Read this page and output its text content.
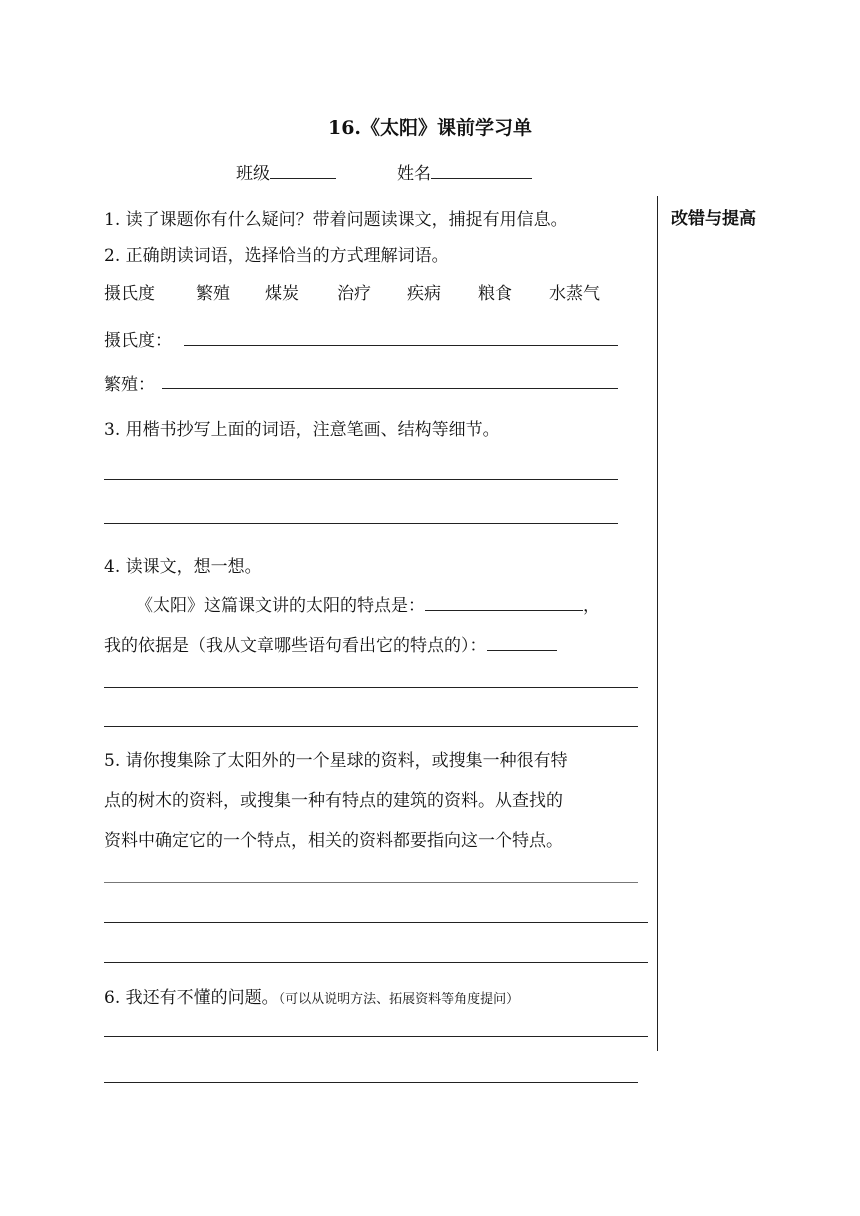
16.《太阳》课前学习单
班级	姓名
改错与提高
1. 读了课题你有什么疑问？带着问题读课文，捕捉有用信息。
2. 正确朗读词语，选择恰当的方式理解词语。
摄氏度 繁殖 煤炭 治疗 疾病 粮食 水蒸气
摄氏度：
繁殖：
3. 用楷书抄写上面的词语，注意笔画、结构等细节。
4. 读课文，想一想。
《太阳》这篇课文讲的太阳的特点是：	，
我的依据是（我从文章哪些语句看出它的特点的）：
5. 请你搜集除了太阳外的一个星球的资料，或搜集一种很有特
点的树木的资料，或搜集一种有特点的建筑的资料。从查找的
资料中确定它的一个特点，相关的资料都要指向这一个特点。
6. 我还有不懂的问题。（可以从说明方法、拓展资料等角度提问）
